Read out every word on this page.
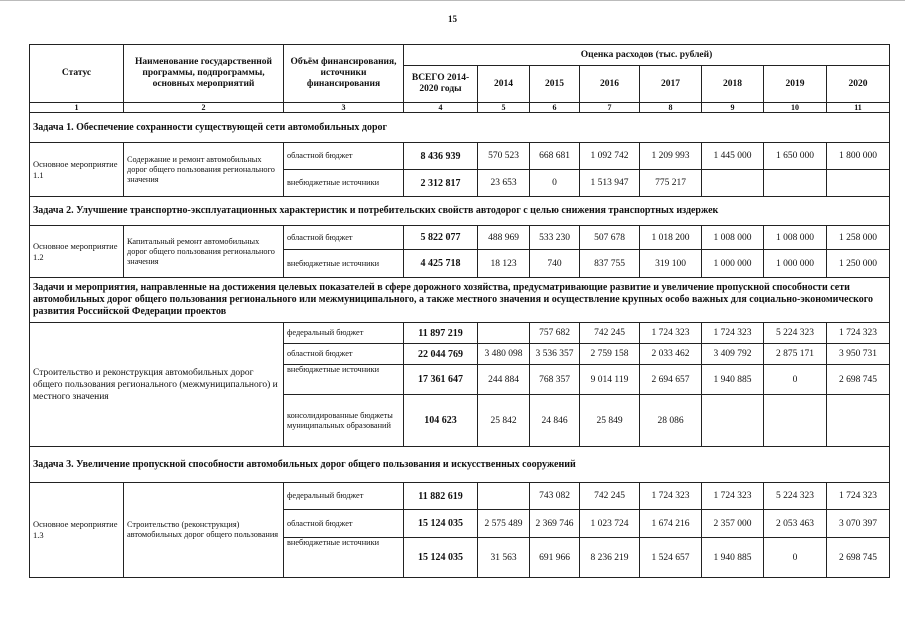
15
Статус	Наименование государственной программы, подпрограммы, основных мероприятий	Объём финансирования, источники финансирования	Оценка расходов (тыс. рублей)							
			ВСЕГО 2014-2020 годы	2014	2015	2016	2017	2018	2019	2020
1	2	3	4	5	6	7	8	9	10	11
Задача 1. Обеспечение сохранности существующей сети автомобильных дорог										
Основное мероприятие 1.1	Содержание и ремонт автомобильных дорог общего пользования регионального значения	областной бюджет	8 436 939	570 523	668 681	1 092 742	1 209 993	1 445 000	1 650 000	1 800 000
		внебюджетные источники	2 312 817	23 653	0	1 513 947	775 217			
Задача 2. Улучшение транспортно-эксплуатационных характеристик и потребительских свойств автодорог с целью снижения транспортных издержек										
Основное мероприятие 1.2	Капитальный ремонт автомобильных дорог общего пользования регионального значения	областной бюджет	5 822 077	488 969	533 230	507 678	1 018 200	1 008 000	1 008 000	1 258 000
		внебюджетные источники	4 425 718	18 123	740	837 755	319 100	1 000 000	1 000 000	1 250 000
Задачи и мероприятия, направленные на достижения целевых показателей в сфере дорожного хозяйства, предусматривающие развитие и увеличение пропускной способности сети автомобильных дорог общего пользования регионального или межмуниципального, а также местного значения и осуществление крупных особо важных для социально-экономического развития Российской Федерации проектов										
Строительство и реконструкция автомобильных дорог общего пользования регионального (межмуниципального) и местного значения		федеральный бюджет	11 897 219		757 682	742 245	1 724 323	1 724 323	5 224 323	1 724 323
		областной бюджет	22 044 769	3 480 098	3 536 357	2 759 158	2 033 462	3 409 792	2 875 171	3 950 731
		внебюджетные источники	17 361 647	244 884	768 357	9 014 119	2 694 657	1 940 885	0	2 698 745
		консолидированные бюджеты муниципальных образований	104 623	25 842	24 846	25 849	28 086			
Задача 3. Увеличение пропускной способности автомобильных дорог общего пользования и искусственных сооружений										
Основное мероприятие 1.3	Строительство (реконструкция) автомобильных дорог общего пользования	федеральный бюджет	11 882 619		743 082	742 245	1 724 323	1 724 323	5 224 323	1 724 323
		областной бюджет	15 124 035	2 575 489	2 369 746	1 023 724	1 674 216	2 357 000	2 053 463	3 070 397
		внебюджетные источники	15 124 035	31 563	691 966	8 236 219	1 524 657	1 940 885	0	2 698 745
